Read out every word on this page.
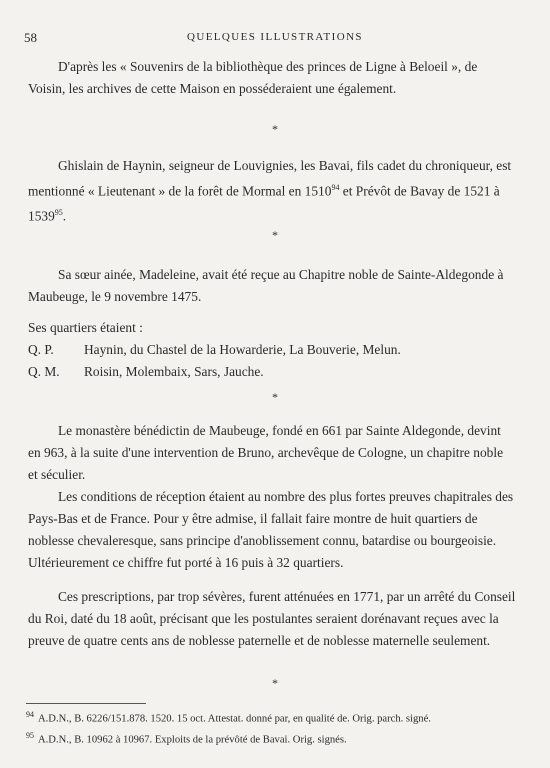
58	QUELQUES ILLUSTRATIONS

D'après les « Souvenirs de la bibliothèque des princes de Ligne à Beloeil », de Voisin, les archives de cette Maison en posséderaient une également.

*

Ghislain de Haynin, seigneur de Louvignies, les Bavai, fils cadet du chroniqueur, est mentionné « Lieutenant » de la forêt de Mormal en 1510$^{94}$ et Prévôt de Bavay de 1521 à 1539$^{95}$.

*

Sa sœur ainée, Madeleine, avait été reçue au Chapitre noble de Sainte-Aldegonde à Maubeuge, le 9 novembre 1475.

Ses quartiers étaient :
Q. P. Haynin, du Chastel de la Howarderie, La Bouverie, Melun.
Q. M. Roisin, Molembaix, Sars, Jauche.
*

Le monastère bénédictin de Maubeuge, fondé en 661 par Sainte Aldegonde, devint en 963, à la suite d'une intervention de Bruno, archevêque de Cologne, un chapitre noble et séculier.

Les conditions de réception étaient au nombre des plus fortes preuves chapitrales des Pays-Bas et de France. Pour y être admise, il fallait faire montre de huit quartiers de noblesse chevaleresque, sans principe d'anoblissement connu, batardise ou bourgeoisie. Ultérieurement ce chiffre fut porté à 16 puis à 32 quartiers.

Ces prescriptions, par trop sévères, furent atténuées en 1771, par un arrêté du Conseil du Roi, daté du 18 août, précisant que les postulantes seraient dorénavant reçues avec la preuve de quatre cents ans de noblesse paternelle et de noblesse maternelle seulement.

*
$^{94}$ A.D.N., B. 6226/151.878. 1520. 15 oct. Attestat. donné par, en qualité de. Orig. parch. signé.
$^{95}$ A.D.N., B. 10962 à 10967. Exploits de la prévôté de Bavai. Orig. signés.
